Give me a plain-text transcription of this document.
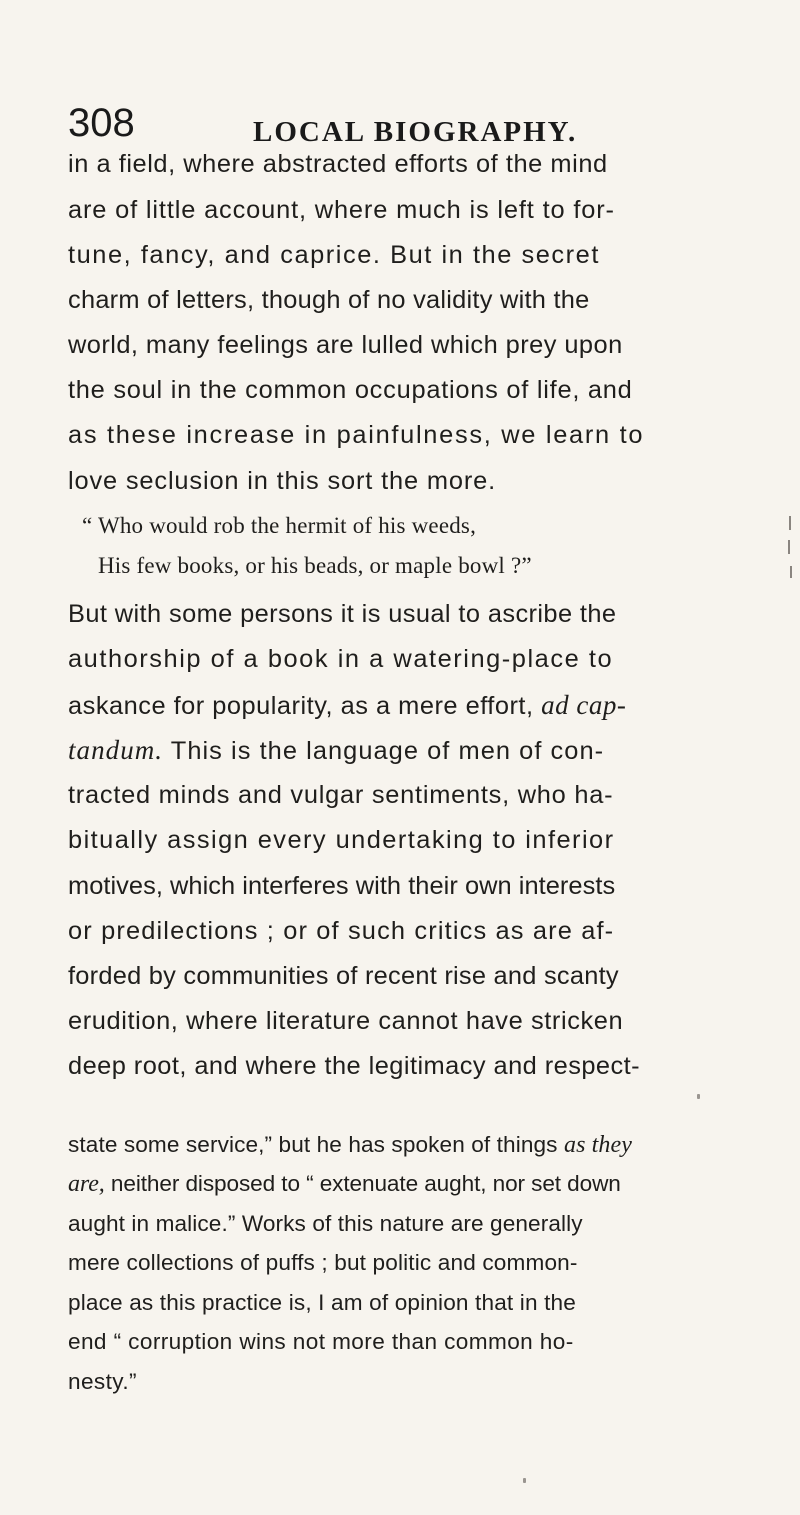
308	LOCAL BIOGRAPHY.
in a field, where abstracted efforts of the mind
are of little account, where much is left to for-
tune, fancy, and caprice. But in the secret
charm of letters, though of no validity with the
world, many feelings are lulled which prey upon
the soul in the common occupations of life, and
as these increase in painfulness, we learn to
love seclusion in this sort the more.
“ Who would rob the hermit of his weeds,
His few books, or his beads, or maple bowl ?”
But with some persons it is usual to ascribe the
authorship of a book in a watering-place to
askance for popularity, as a mere effort, ad cap-
tandum. This is the language of men of con-
tracted minds and vulgar sentiments, who ha-
bitually assign every undertaking to inferior
motives, which interferes with their own interests
or predilections ; or of such critics as are af-
forded by communities of recent rise and scanty
erudition, where literature cannot have stricken
deep root, and where the legitimacy and respect-
state some service,” but he has spoken of things as they
are, neither disposed to “ extenuate aught, nor set down
aught in malice.” Works of this nature are generally
mere collections of puffs ; but politic and common-
place as this practice is, I am of opinion that in the
end “ corruption wins not more than common ho-
nesty.”
